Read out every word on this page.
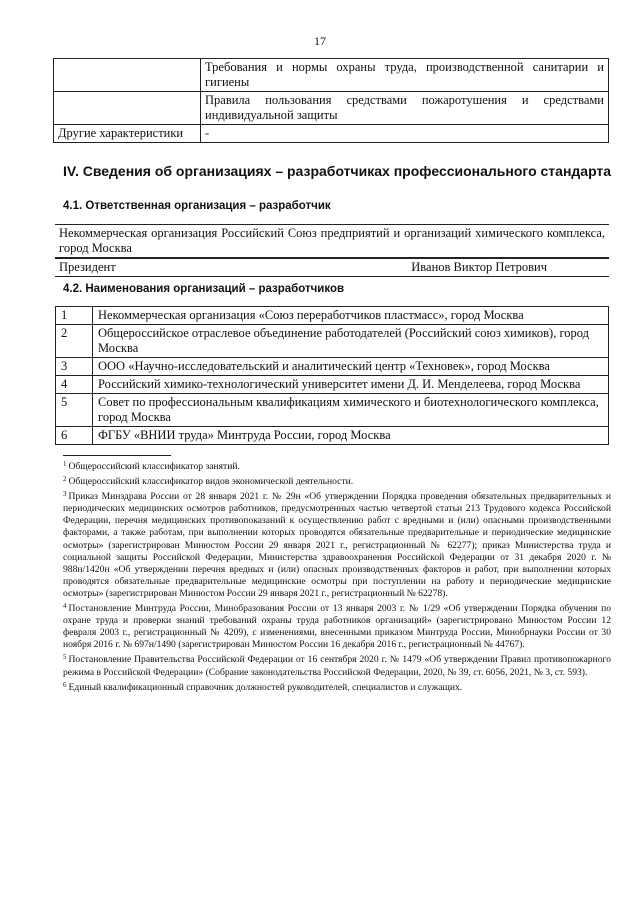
17
	Требования и нормы охраны труда, производственной санитарии и гигиены
	Правила пользования средствами пожаротушения и средствами индивидуальной защиты
Другие характеристики	-
IV. Сведения об организациях – разработчиках профессионального стандарта
4.1. Ответственная организация – разработчик
Некоммерческая организация Российский Союз предприятий и организаций химического комплекса, город Москва

Президент	Иванов Виктор Петрович
4.2. Наименования организаций – разработчиков
1	Некоммерческая организация «Союз переработчиков пластмасс», город Москва
2	Общероссийское отраслевое объединение работодателей (Российский союз химиков), город Москва
3	ООО «Научно-исследовательский и аналитический центр «Техновек», город Москва
4	Российский химико-технологический университет имени Д. И. Менделеева, город Москва
5	Совет по профессиональным квалификациям химического и биотехнологического комплекса, город Москва
6	ФГБУ «ВНИИ труда» Минтруда России, город Москва

$^1$ Общероссийский классификатор занятий.

$^2$ Общероссийский классификатор видов экономической деятельности.

$^3$ Приказ Минздрава России от 28 января 2021 г. № 29н «Об утверждении Порядка проведения обязательных предварительных и периодических медицинских осмотров работников, предусмотренных частью четвертой статьи 213 Трудового кодекса Российской Федерации, перечня медицинских противопоказаний к осуществлению работ с вредными и (или) опасными производственными факторами, а также работам, при выполнении которых проводятся обязательные предварительные и периодические медицинские осмотры» (зарегистрирован Минюстом России 29 января 2021 г., регистрационный № 62277); приказ Министерства труда и социальной защиты Российской Федерации, Министерства здравоохранения Российской Федерации от 31 декабря 2020 г. № 988н/1420н «Об утверждении перечня вредных и (или) опасных производственных факторов и работ, при выполнении которых проводятся обязательные предварительные медицинские осмотры при поступлении на работу и периодические медицинские осмотры» (зарегистрирован Минюстом России 29 января 2021 г., регистрационный № 62278).

$^4$ Постановление Минтруда России, Минобразования России от 13 января 2003 г. № 1/29 «Об утверждении Порядка обучения по охране труда и проверки знаний требований охраны труда работников организаций» (зарегистрировано Минюстом России 12 февраля 2003 г., регистрационный № 4209), с изменениями, внесенными приказом Минтруда России, Минобрнауки России от 30 ноября 2016 г. № 697н/1490 (зарегистрирован Минюстом России 16 декабря 2016 г., регистрационный № 44767).

$^5$ Постановление Правительства Российской Федерации от 16 сентября 2020 г. № 1479 «Об утверждении Правил противопожарного режима в Российской Федерации» (Собрание законодательства Российской Федерации, 2020, № 39, ст. 6056, 2021, № 3, ст. 593).

$^6$ Единый квалификационный справочник должностей руководителей, специалистов и служащих.
